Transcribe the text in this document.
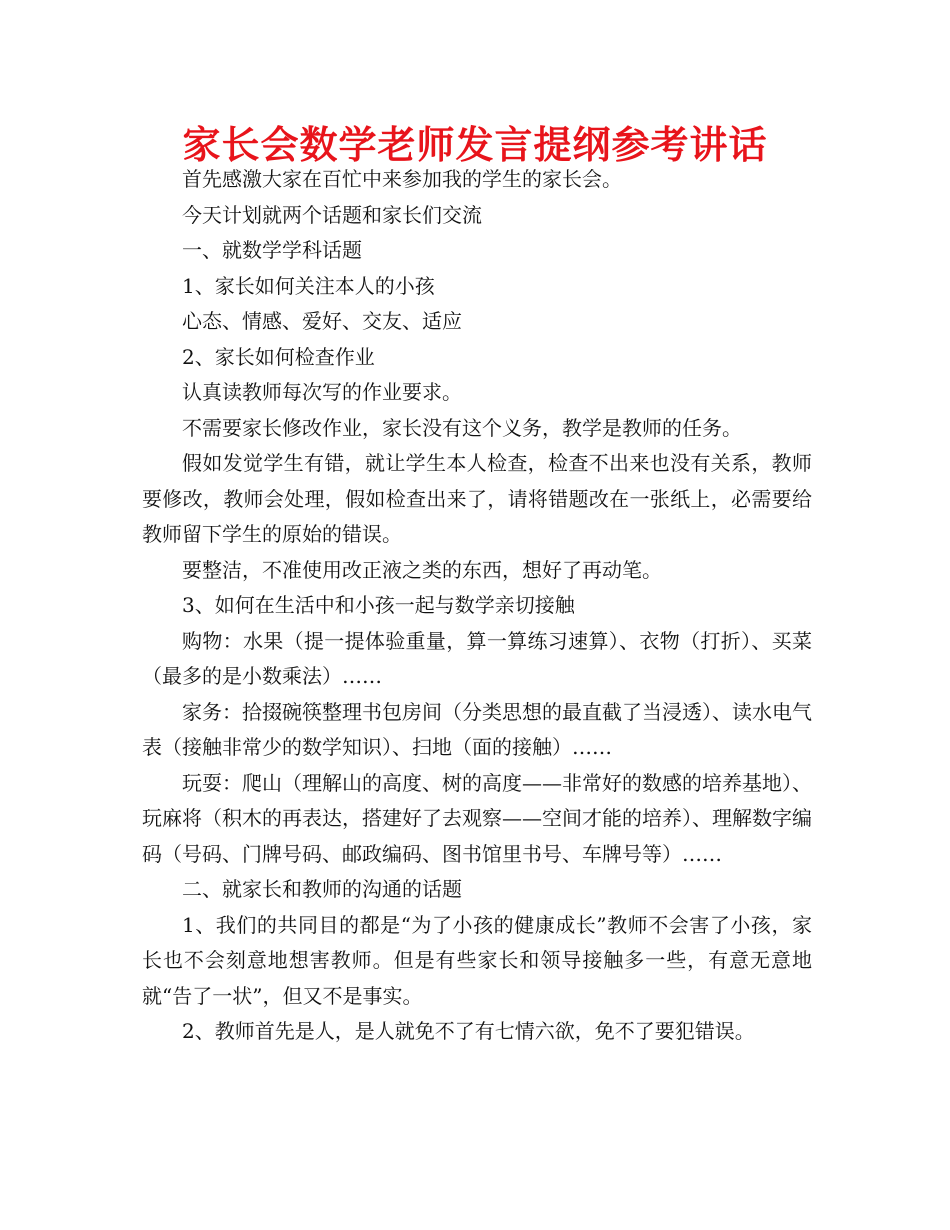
家长会数学老师发言提纲参考讲话

首先感激大家在百忙中来参加我的学生的家长会。

今天计划就两个话题和家长们交流

一、就数学学科话题

1、家长如何关注本人的小孩

心态、情感、爱好、交友、适应

2、家长如何检查作业

认真读教师每次写的作业要求。

不需要家长修改作业，家长没有这个义务，教学是教师的任务。

假如发觉学生有错，就让学生本人检查，检查不出来也没有关系，教师要修改，教师会处理，假如检查出来了，请将错题改在一张纸上，必需要给教师留下学生的原始的错误。

要整洁，不准使用改正液之类的东西，想好了再动笔。

3、如何在生活中和小孩一起与数学亲切接触

购物：水果（提一提体验重量，算一算练习速算）、衣物（打折）、买菜（最多的是小数乘法）……

家务：拾掇碗筷整理书包房间（分类思想的最直截了当浸透）、读水电气表（接触非常少的数学知识）、扫地（面的接触）……

玩耍：爬山（理解山的高度、树的高度——非常好的数感的培养基地）、玩麻将（积木的再表达，搭建好了去观察——空间才能的培养）、理解数字编码（号码、门牌号码、邮政编码、图书馆里书号、车牌号等）……

二、就家长和教师的沟通的话题

1、我们的共同目的都是“为了小孩的健康成长”教师不会害了小孩，家长也不会刻意地想害教师。但是有些家长和领导接触多一些，有意无意地就“告了一状”，但又不是事实。

2、教师首先是人，是人就免不了有七情六欲，免不了要犯错误。
